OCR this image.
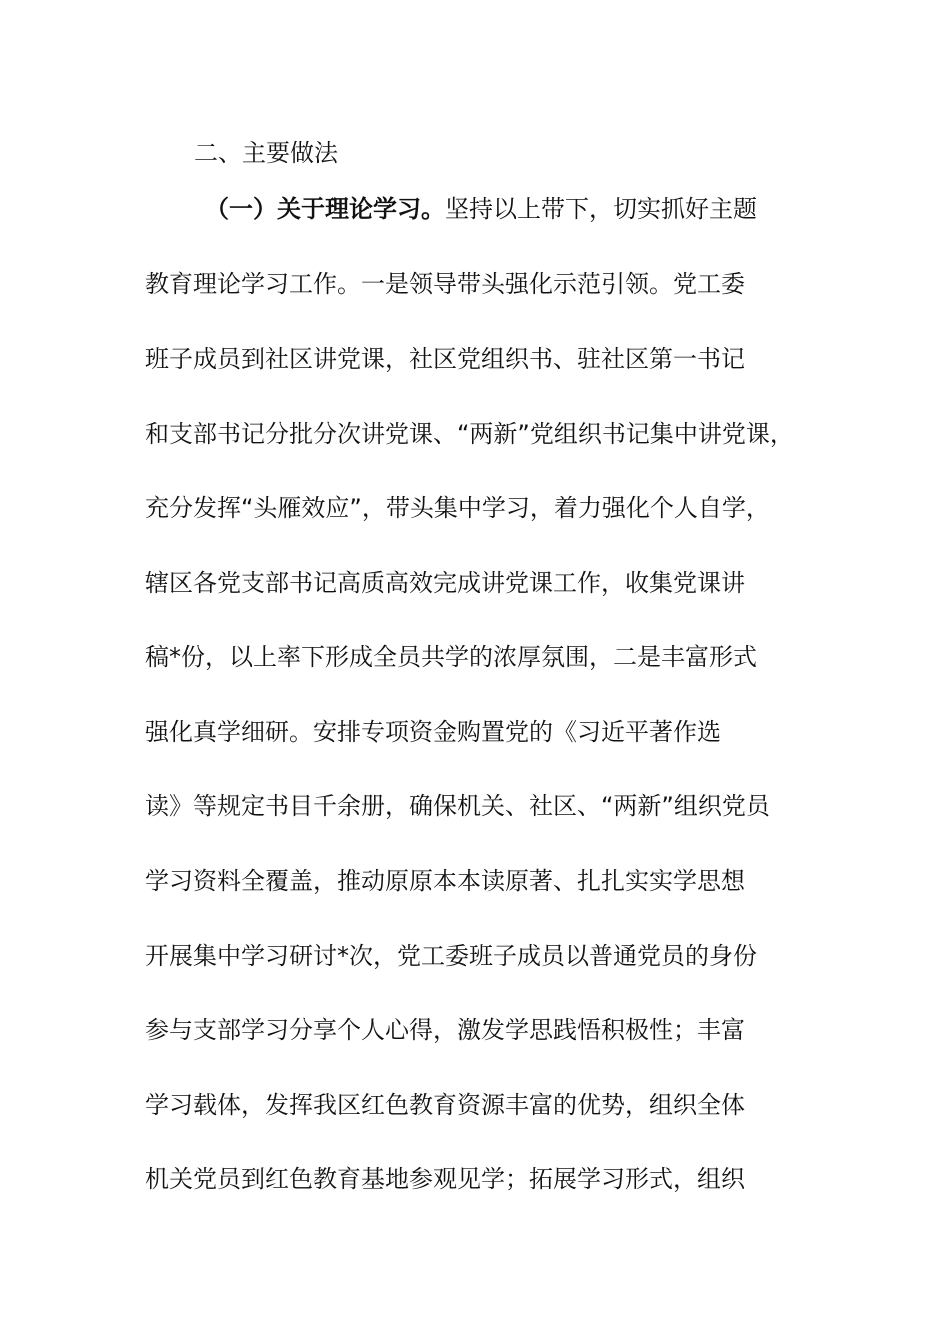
二、主要做法
（一）关于理论学习。坚持以上带下，切实抓好主题
教育理论学习工作。一是领导带头强化示范引领。党工委
班子成员到社区讲党课，社区党组织书、驻社区第一书记
和支部书记分批分次讲党课、“两新”党组织书记集中讲党课，
充分发挥“头雁效应”，带头集中学习，着力强化个人自学，
辖区各党支部书记高质高效完成讲党课工作，收集党课讲
稿*份，以上率下形成全员共学的浓厚氛围，二是丰富形式
强化真学细研。安排专项资金购置党的《习近平著作选
读》等规定书目千余册，确保机关、社区、“两新”组织党员
学习资料全覆盖，推动原原本本读原著、扎扎实实学思想
开展集中学习研讨*次，党工委班子成员以普通党员的身份
参与支部学习分享个人心得，激发学思践悟积极性；丰富
学习载体，发挥我区红色教育资源丰富的优势，组织全体
机关党员到红色教育基地参观见学；拓展学习形式，组织
